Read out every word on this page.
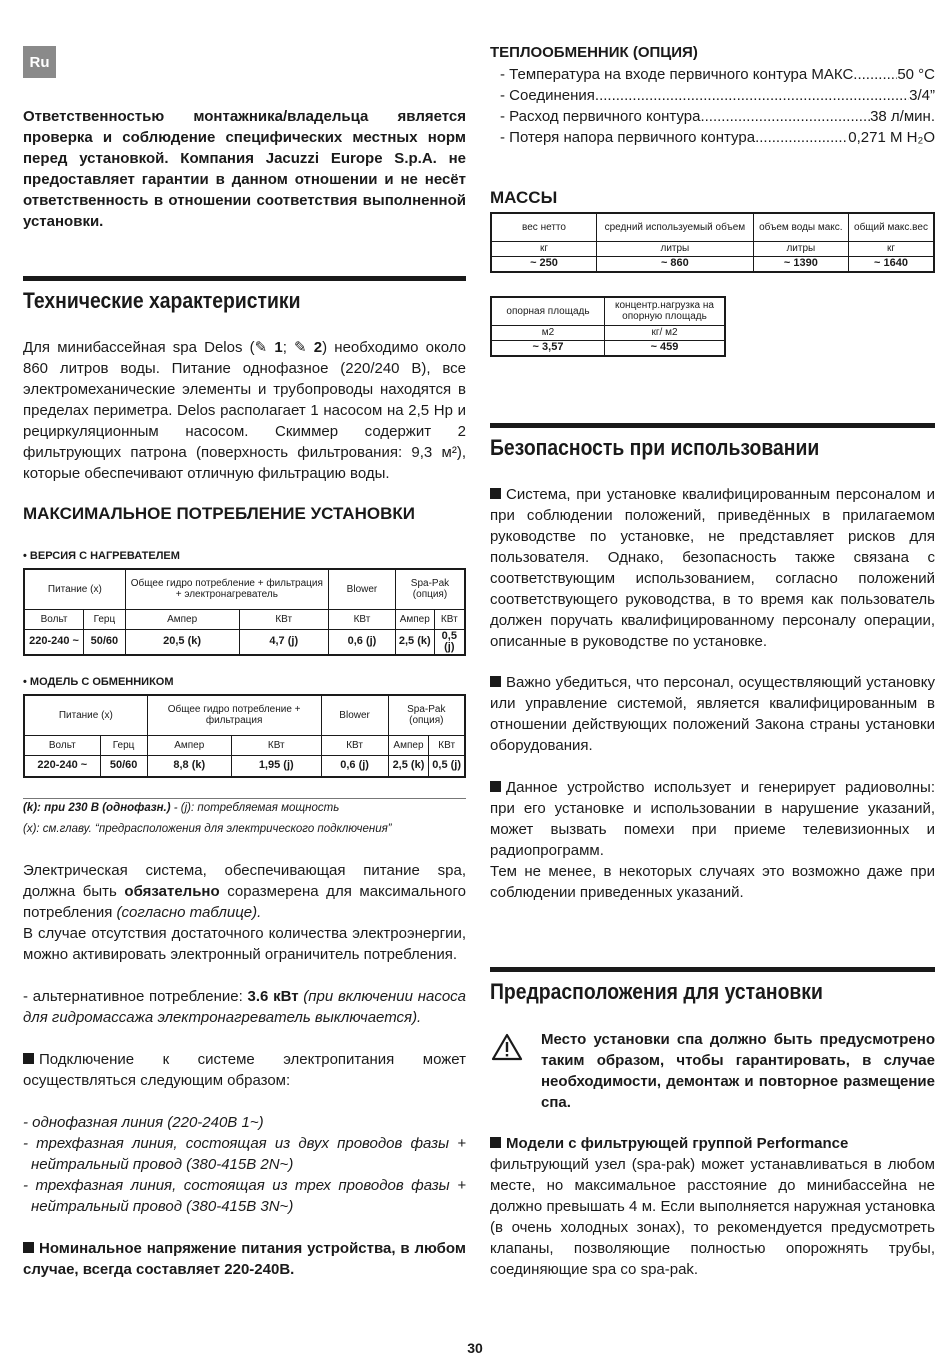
Ru
Ответственностью монтажника/владельца является проверка и соблюдение специфических местных норм перед установкой. Компания Jacuzzi Europe S.p.A. не предоставляет гарантии в данном отношении и не несёт ответственность в отношении соответствия выполненной установки.
Технические характеристики
Для минибассейная spa Delos (✎ 1; ✎ 2) необходимо около 860 литров воды. Питание однофазное (220/240 В), все электромеханические элементы и трубопроводы находятся в пределах периметра. Delos располагает 1 насосом на 2,5 Hp и рециркуляционным насосом. Скиммер содержит 2 фильтрующих патрона (поверхность фильтрования: 9,3 м²), которые обеспечивают отличную фильтрацию воды.
МАКСИМАЛЬНОЕ ПОТРЕБЛЕНИЕ УСТАНОВКИ
• ВЕРСИЯ С НАГРЕВАТЕЛЕМ
Питание (х)		Общее гидро потребление + фильтрация + электронагреватель		Blower	Spa-Pak (опция)	
Вольт	Герц	Ампер	КВт	КВт	Ампер	КВт
220-240 ~	50/60	20,5 (k)	4,7 (j)	0,6 (j)	2,5 (k)	0,5 (j)
• МОДЕЛЬ С ОБМЕННИКОМ
Питание (х)		Общее гидро потребление + фильтрация		Blower	Spa-Pak (опция)	
Вольт	Герц	Ампер	КВт	КВт	Ампер	КВт
220-240 ~	50/60	8,8 (k)	1,95 (j)	0,6 (j)	2,5 (k)	0,5 (j)
(k): при 230 В (однофазн.) - (j): потребляемая мощность
(х): см.главу. “предрасположения для электрического подключения”
Электрическая система, обеспечивающая питание spa, должна быть обязательно соразмерена для максимального потребления (согласно таблице).
В случае отсутствия достаточного количества электроэнергии, можно активировать электронный ограничитель потребления.
- альтернативное потребление: 3.6 кВт (при включении насоса для гидромассажа электронагреватель выключается).
Подключение к системе электропитания может осуществляться следующим образом:
- однофазная линия (220-240В 1~)
- трехфазная линия, состоящая из двух проводов фазы + нейтральный провод (380-415В 2N~)
- трехфазная линия, состоящая из трех проводов фазы + нейтральный провод (380-415В 3N~)
Номинальное напряжение питания устройства, в любом случае, всегда составляет 220-240В.
ТЕПЛООБМЕННИК (ОПЦИЯ)
- Температура на входе первичного контура МАКС .....	50 °C
- Соединения .....	3/4”
- Расход первичного контура .....	38 л/мин.
- Потеря напора первичного контура .....	0,271 М H₂O
МАССЫ
вес нетто	средний используемый объем	объем воды макс.	общий макс.вес
кг	литры	литры	кг
~ 250	~ 860	~ 1390	~ 1640
опорная площадь	концентр.нагрузка на опорную площадь
м2	кг/ м2
~ 3,57	~ 459
Безопасность при использовании
Система, при установке квалифицированным персоналом и при соблюдении положений, приведённых в прилагаемом руководстве по установке, не представляет рисков для пользователя. Однако, безопасность также связана с соответствующим использованием, согласно положений соответствующего руководства, в то время как пользователь должен поручать квалифицированному персоналу операции, описанные в руководстве по установке.
Важно убедиться, что персонал, осуществляющий установку или управление системой, является квалифицированным в отношении действующих положений Закона страны установки оборудования.
Данное устройство использует и генерирует радиоволны: при его установке и использовании в нарушение указаний, может вызвать помехи при приеме телевизионных и радиопрограмм.
Тем не менее, в некоторых случаях это возможно даже при соблюдении приведенных указаний.
Предрасположения для установки
Место установки спа должно быть предусмотрено таким образом, чтобы гарантировать, в случае необходимости, демонтаж и повторное размещение спа.
Модели с фильтрующей группой Performance
фильтрующий узел (spa-pak) может устанавливаться в любом месте, но максимальное расстояние до минибассейна не должно превышать 4 м. Если выполняется наружная установка (в очень холодных зонах), то рекомендуется предусмотреть клапаны, позволяющие полностью опорожнять трубы, соединяющие spa со spa-pak.
30
